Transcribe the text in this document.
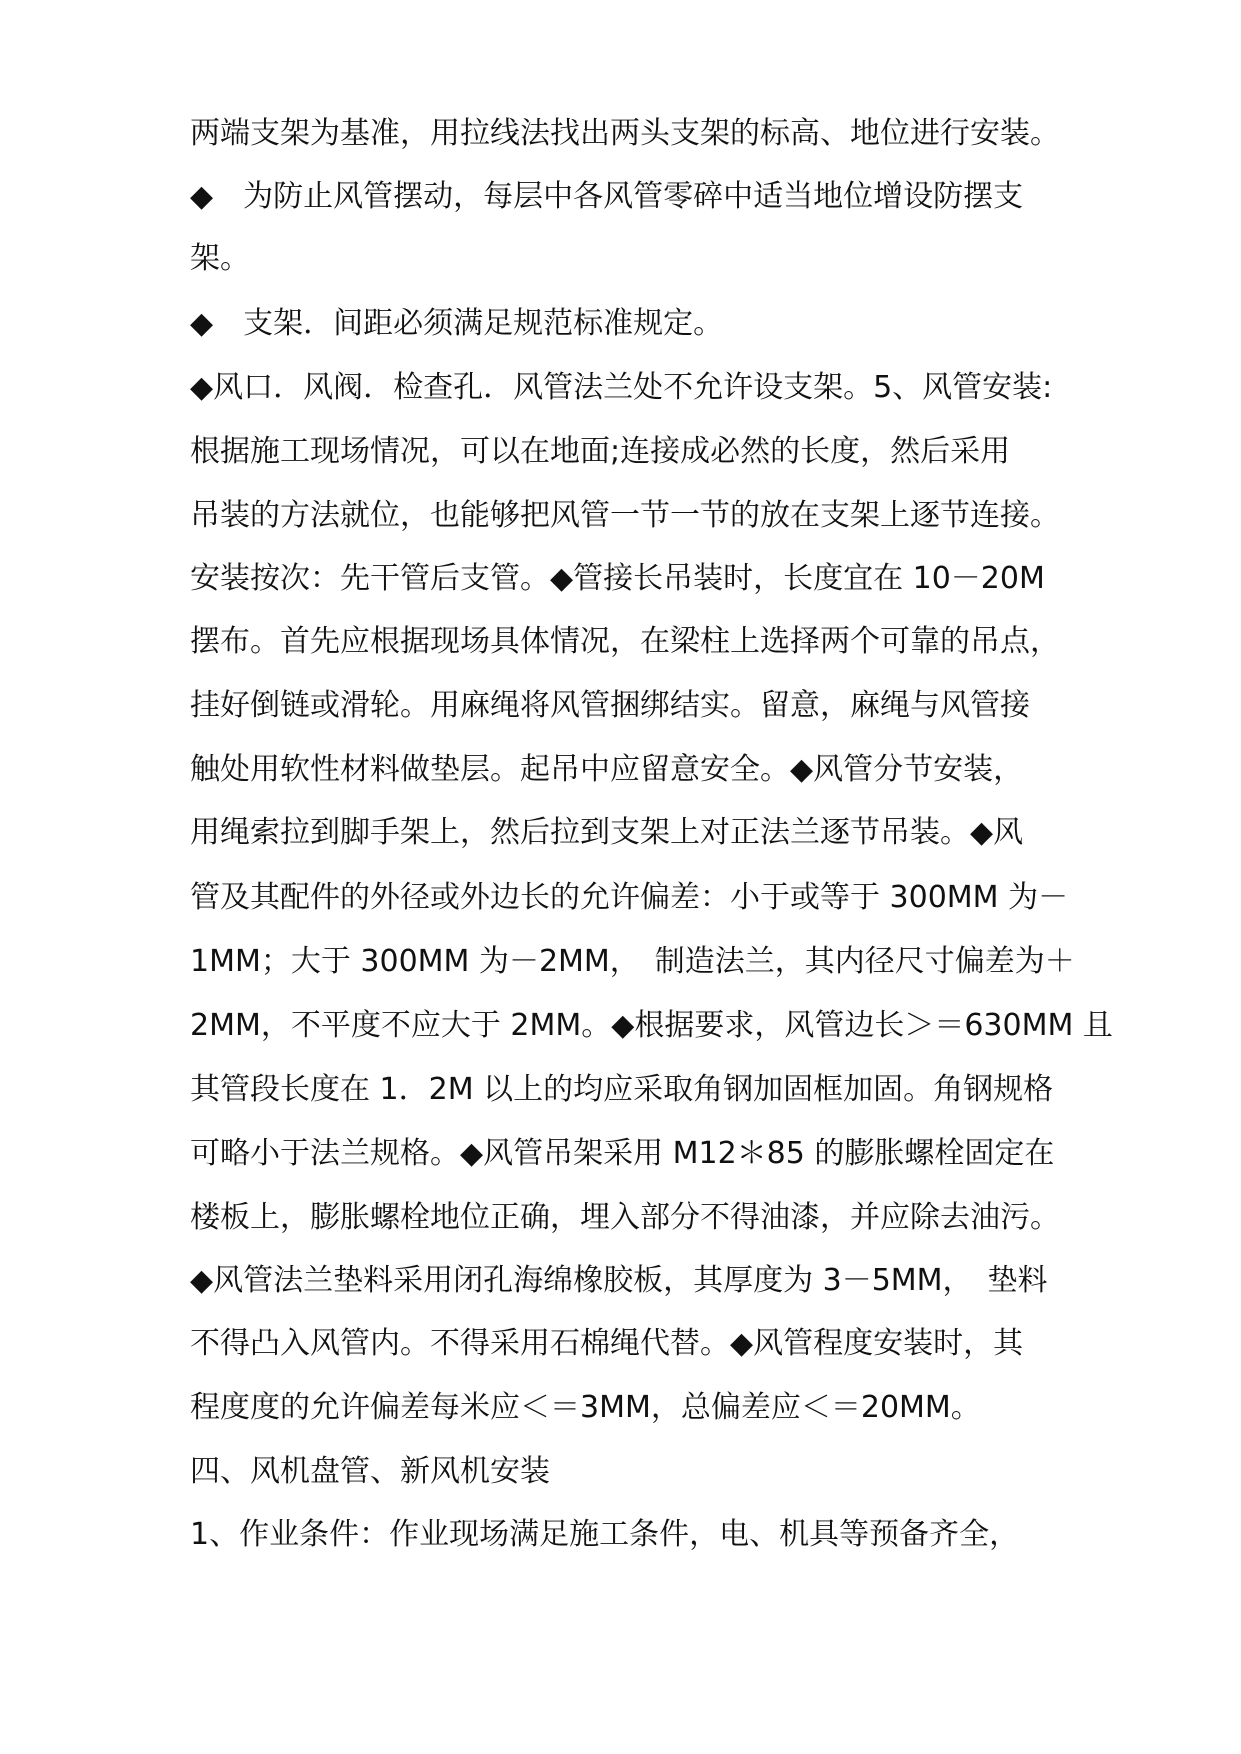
两端支架为基准，用拉线法找出两头支架的标高、地位进行安装。
◆　为防止风管摆动，每层中各风管零碎中适当地位增设防摆支
架。
◆　支架．间距必须满足规范标准规定。
◆风口．风阀．检查孔．风管法兰处不允许设支架。5、风管安装:
根据施工现场情况，可以在地面;连接成必然的长度，然后采用
吊装的方法就位，也能够把风管一节一节的放在支架上逐节连接。
安装按次：先干管后支管。◆管接长吊装时，长度宜在 10－20M
摆布。首先应根据现场具体情况，在梁柱上选择两个可靠的吊点，
挂好倒链或滑轮。用麻绳将风管捆绑结实。留意，麻绳与风管接
触处用软性材料做垫层。起吊中应留意安全。◆风管分节安装，
用绳索拉到脚手架上，然后拉到支架上对正法兰逐节吊装。◆风
管及其配件的外径或外边长的允许偏差：小于或等于 300MM 为－
1MM；大于 300MM 为－2MM，　制造法兰，其内径尺寸偏差为＋
2MM，不平度不应大于 2MM。◆根据要求，风管边长＞＝630MM 且
其管段长度在 1．2M 以上的均应采取角钢加固框加固。角钢规格
可略小于法兰规格。◆风管吊架采用 M12＊85 的膨胀螺栓固定在
楼板上，膨胀螺栓地位正确，埋入部分不得油漆，并应除去油污。
◆风管法兰垫料采用闭孔海绵橡胶板，其厚度为 3－5MM，　垫料
不得凸入风管内。不得采用石棉绳代替。◆风管程度安装时，其
程度度的允许偏差每米应＜＝3MM，总偏差应＜＝20MM。
四、风机盘管、新风机安装
1、作业条件：作业现场满足施工条件，电、机具等预备齐全，
